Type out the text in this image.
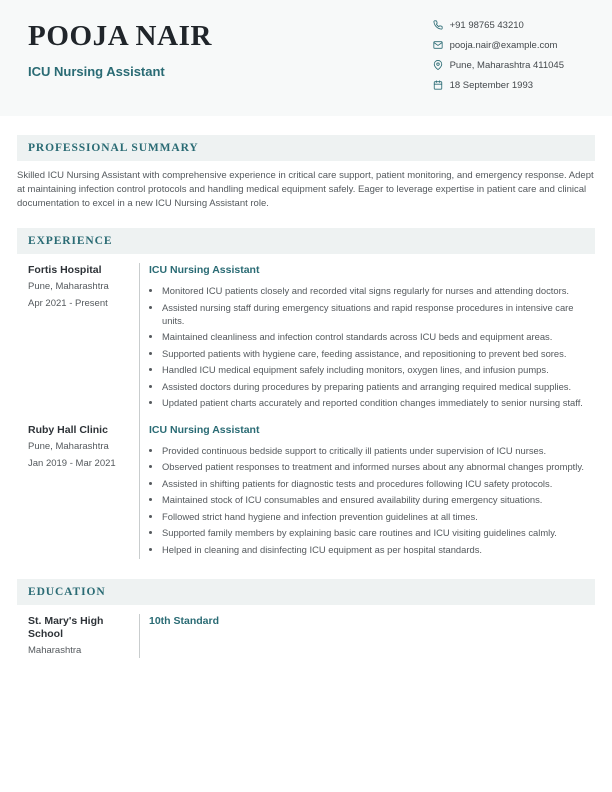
POOJA NAIR
ICU Nursing Assistant
+91 98765 43210
pooja.nair@example.com
Pune, Maharashtra 411045
18 September 1993
PROFESSIONAL SUMMARY

Skilled ICU Nursing Assistant with comprehensive experience in critical care support, patient monitoring, and emergency response. Adept at maintaining infection control protocols and handling medical equipment safely. Eager to leverage expertise in patient care and clinical documentation to excel in a new ICU Nursing Assistant role.

EXPERIENCE
Fortis Hospital
Pune, Maharashtra
Apr 2021 - Present
ICU Nursing Assistant
• Monitored ICU patients closely and recorded vital signs regularly for nurses and attending doctors.
• Assisted nursing staff during emergency situations and rapid response procedures in intensive care units.
• Maintained cleanliness and infection control standards across ICU beds and equipment areas.
• Supported patients with hygiene care, feeding assistance, and repositioning to prevent bed sores.
• Handled ICU medical equipment safely including monitors, oxygen lines, and infusion pumps.
• Assisted doctors during procedures by preparing patients and arranging required medical supplies.
• Updated patient charts accurately and reported condition changes immediately to senior nursing staff.
Ruby Hall Clinic
Pune, Maharashtra
Jan 2019 - Mar 2021
ICU Nursing Assistant
• Provided continuous bedside support to critically ill patients under supervision of ICU nurses.
• Observed patient responses to treatment and informed nurses about any abnormal changes promptly.
• Assisted in shifting patients for diagnostic tests and procedures following ICU safety protocols.
• Maintained stock of ICU consumables and ensured availability during emergency situations.
• Followed strict hand hygiene and infection prevention guidelines at all times.
• Supported family members by explaining basic care routines and ICU visiting guidelines calmly.
• Helped in cleaning and disinfecting ICU equipment as per hospital standards.
EDUCATION
St. Mary's High School
Maharashtra
10th Standard
